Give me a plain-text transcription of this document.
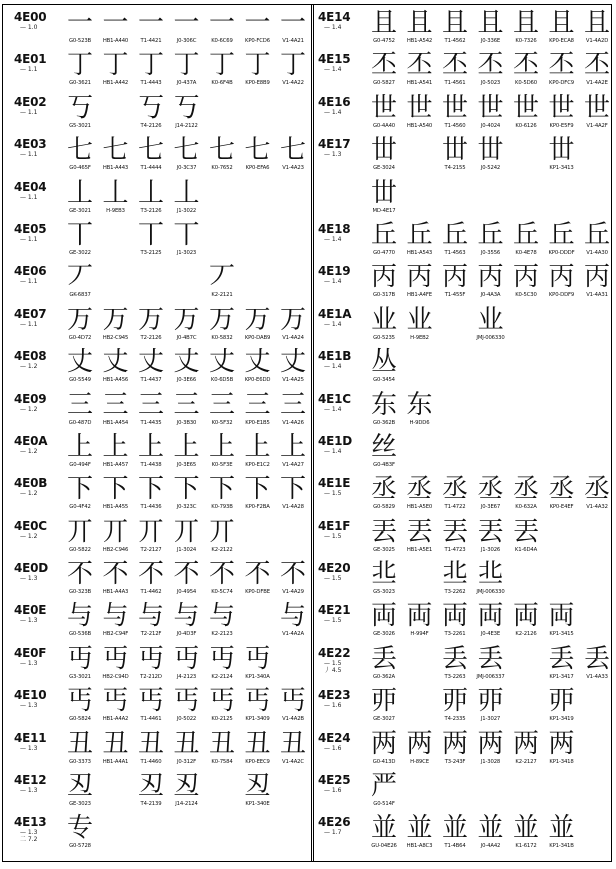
4E00
— 1.0 一
G0-523B
一
HB1-A440
一
T1-4421
一
J0-306C
一
K0-6C69
一
KP0-FCD6
一
V1-4A21
4E01
— 1.1 丁
G0-3621
丁
HB1-A442
丁
T1-4443
丁
J0-437A
丁
K0-6F4B
丁
KP0-E8B9
丁
V1-4A22
4E02
— 1.1 丂
G5-3021
丂
T4-2126
丂
J14-2122
4E03
— 1.1 七
G0-465F
七
HB1-A443
七
T1-4444
七
J0-3C37
七
K0-7652
七
KP0-EFA6
七
V1-4A23
4E04
— 1.1 丄
GE-3021
丄
H-9EB3
丄
T3-2126
丄
J1-3022
4E05
— 1.1 丅
GE-3022
丅
T3-2125
丅
J1-3023
4E06
— 1.1 丆
GK-6837
丆
K2-2121
4E07
— 1.1 万
G0-4D72
万
HB2-C945
万
T2-2126
万
J0-4B7C
万
K0-5832
万
KP0-DAB9
万
V1-4A24
4E08
— 1.2 丈
G0-5549
丈
HB1-A456
丈
T1-4437
丈
J0-3E66
丈
K0-6D5B
丈
KP0-E6DD
丈
V1-4A25
4E09
— 1.2 三
G0-487D
三
HB1-A454
三
T1-4435
三
J0-3B30
三
K0-5F32
三
KP0-E1B5
三
V1-4A26
4E0A
— 1.2 上
G0-494F
上
HB1-A457
上
T1-4438
上
J0-3E65
上
K0-5F3E
上
KP0-E1C2
上
V1-4A27
4E0B
— 1.2 下
G0-4F42
下
HB1-A455
下
T1-4436
下
J0-323C
下
K0-793B
下
KP0-F2BA
下
V1-4A28
4E0C
— 1.2 丌
G0-5822
丌
HB2-C946
丌
T2-2127
丌
J1-3024
丌
K2-2122
4E0D
— 1.3 不
G0-323B
不
HB1-A4A3
不
T1-4462
不
J0-4954
不
K0-5C74
不
KP0-DFBE
不
V1-4A29
4E0E
— 1.3 与
G0-536B
与
HB2-C94F
与
T2-212F
与
J0-4D3F
与
K2-2123
与
V1-4A2A
4E0F
— 1.3 丏
G3-3021
丏
HB2-C94D
丏
T2-212D
丏
J4-2123
丏
K2-2124
丏
KP1-340A
4E10
— 1.3 丐
G0-5824
丐
HB1-A4A2
丐
T1-4461
丐
J0-5022
丐
K0-2125
丐
KP1-3409
丐
V1-4A2B
4E11
— 1.3 丑
G0-3373
丑
HB1-A4A1
丑
T1-4460
丑
J0-312F
丑
K0-7584
丑
KP0-EEC9
丑
V1-4A2C
4E12
— 1.3 丒
GE-3023
丒
T4-2139
丒
J14-2124
丒
KP1-340E
4E13
— 1.3
二 7.2 专
G0-5728
4E14
— 1.4 且
G0-4752
且
HB1-A542
且
T1-4562
且
J0-336E
且
K0-7326
且
KP0-ECA8
且
V1-4A2D
4E15
— 1.4 丕
G0-5827
丕
HB1-A541
丕
T1-4561
丕
J0-5023
丕
K0-5D60
丕
KP0-DFC9
丕
V1-4A2E
4E16
— 1.4 世
G0-4A40
世
HB1-A540
世
T1-4560
世
J0-4024
世
K0-6126
世
KP0-E5F9
世
V1-4A2F
4E17
— 1.3 丗
GE-3024
丗
T4-2155
丗
J0-5242
丗
KP1-3413
丗
MD-4E17
4E18
— 1.4 丘
G0-4770
丘
HB1-A543
丘
T1-4563
丘
J0-3556
丘
K0-4E78
丘
KP0-DDDF
丘
V1-4A30
4E19
— 1.4 丙
G0-317B
丙
HB1-A4FE
丙
T1-455F
丙
J0-4A3A
丙
K0-5C30
丙
KP0-DDF9
丙
V1-4A31
4E1A
— 1.4 业
G0-5235
业
H-9EB2
业
JMJ-006330
4E1B
— 1.4 丛
G0-3454
4E1C
— 1.4 东
G0-362B
东
H-9DD6
4E1D
— 1.4 丝
G0-4B3F
4E1E
— 1.5 丞
G0-5829
丞
HB1-A5E0
丞
T1-4722
丞
J0-3E67
丞
K0-632A
丞
KP0-E4EF
丞
V1-4A32
4E1F
— 1.5 丟
GE-3025
丟
HB1-A5E1
丟
T1-4723
丟
J1-3026
丟
K1-6D4A
4E20
— 1.5 丠
G5-3023
丠
T3-2262
丠
JMJ-006330
4E21
— 1.5 両
GE-3026
両
H-994F
両
T3-2261
両
J0-4E3E
両
K2-2126
両
KP1-3415
4E22
— 1.5
丿 4.5 丢
G0-362A
丢
T3-2263
丢
JMJ-006337
丢
KP1-3417
丢
V1-4A33
4E23
— 1.6 丣
GE-3027
丣
T4-2335
丣
J1-3027
丣
KP1-3419
4E24
— 1.6 两
G0-413D
两
H-89CE
两
T3-243F
两
J1-3028
两
K2-2127
两
KP1-3418
4E25
— 1.6 严
G0-514F
4E26
— 1.7 並
GU-04E26
並
HB1-A8C3
並
T1-4B64
並
J0-4A42
並
K1-6172
並
KP1-341B
